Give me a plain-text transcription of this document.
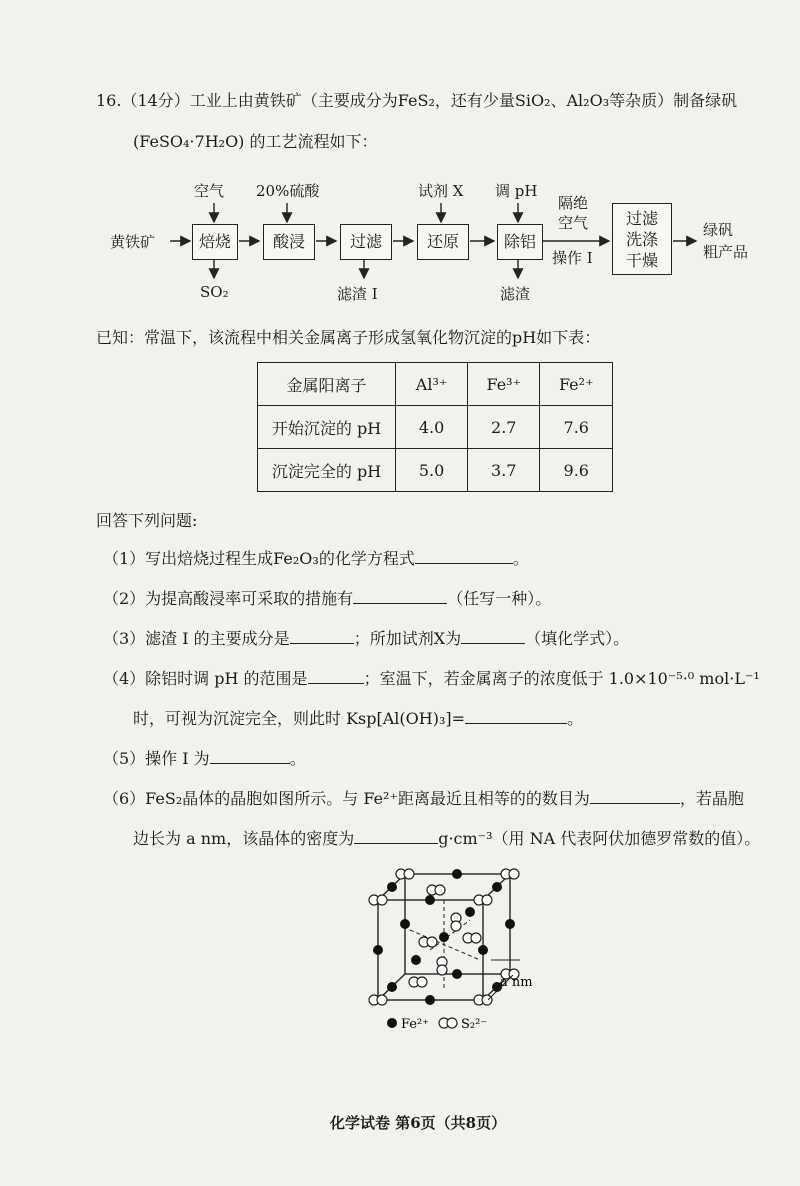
16.（14分）工业上由黄铁矿（主要成分为FeS₂，还有少量SiO₂、Al₂O₃等杂质）制备绿矾
(FeSO₄·7H₂O) 的工艺流程如下：
黄铁矿	焙烧	酸浸	过滤	还原	除铝
空气 20%硫酸	试剂 X 调 pH
SO₂	滤渣 I	滤渣
隔绝
空气
操作 I
过滤
洗涤
干燥
绿矾
粗产品
已知：常温下，该流程中相关金属离子形成氢氧化物沉淀的pH如下表：
金属阳离子	Al³⁺	Fe³⁺	Fe²⁺
开始沉淀的 pH	4.0	2.7	7.6
沉淀完全的 pH	5.0	3.7	9.6
回答下列问题:
（1）写出焙烧过程生成Fe₂O₃的化学方程式	。
（2）为提高酸浸率可采取的措施有	（任写一种）。
（3）滤渣 I 的主要成分是	；所加试剂X为	（填化学式）。
（4）除铝时调 pH 的范围是	；室温下，若金属离子的浓度低于 1.0×10⁻⁵·⁰ mol·L⁻¹
时，可视为沉淀完全，则此时 Ksp[Al(OH)₃]=	。
（5）操作 I 为	。
（6）FeS₂晶体的晶胞如图所示。与 Fe²⁺距离最近且相等的的数目为	，若晶胞
边长为 a nm，该晶体的密度为	g·cm⁻³（用 NA 代表阿伏加德罗常数的值）。
a nm
Fe²⁺ S₂²⁻
化学试卷 第6页（共8页）
